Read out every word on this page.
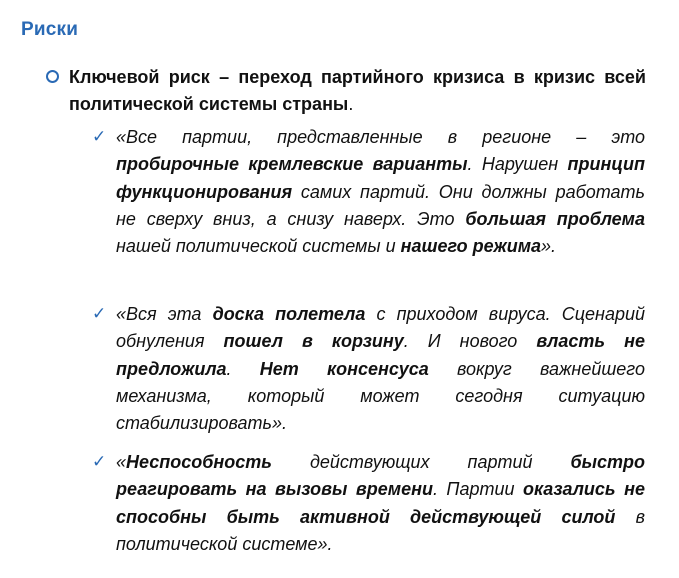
Риски
Ключевой риск – переход партийного кризиса в кризис всей политической системы страны.
✓ «Все партии, представленные в регионе – это пробирочные кремлевские варианты. Нарушен принцип функционирования самих партий. Они должны работать не сверху вниз, а снизу наверх. Это большая проблема нашей политической системы и нашего режима».
✓ «Вся эта доска полетела с приходом вируса. Сценарий обнуления пошел в корзину. И нового власть не предложила. Нет консенсуса вокруг важнейшего механизма, который может сегодня ситуацию стабилизировать».
✓ «Неспособность действующих партий быстро реагировать на вызовы времени. Партии оказались не способны быть активной действующей силой в политической системе».
